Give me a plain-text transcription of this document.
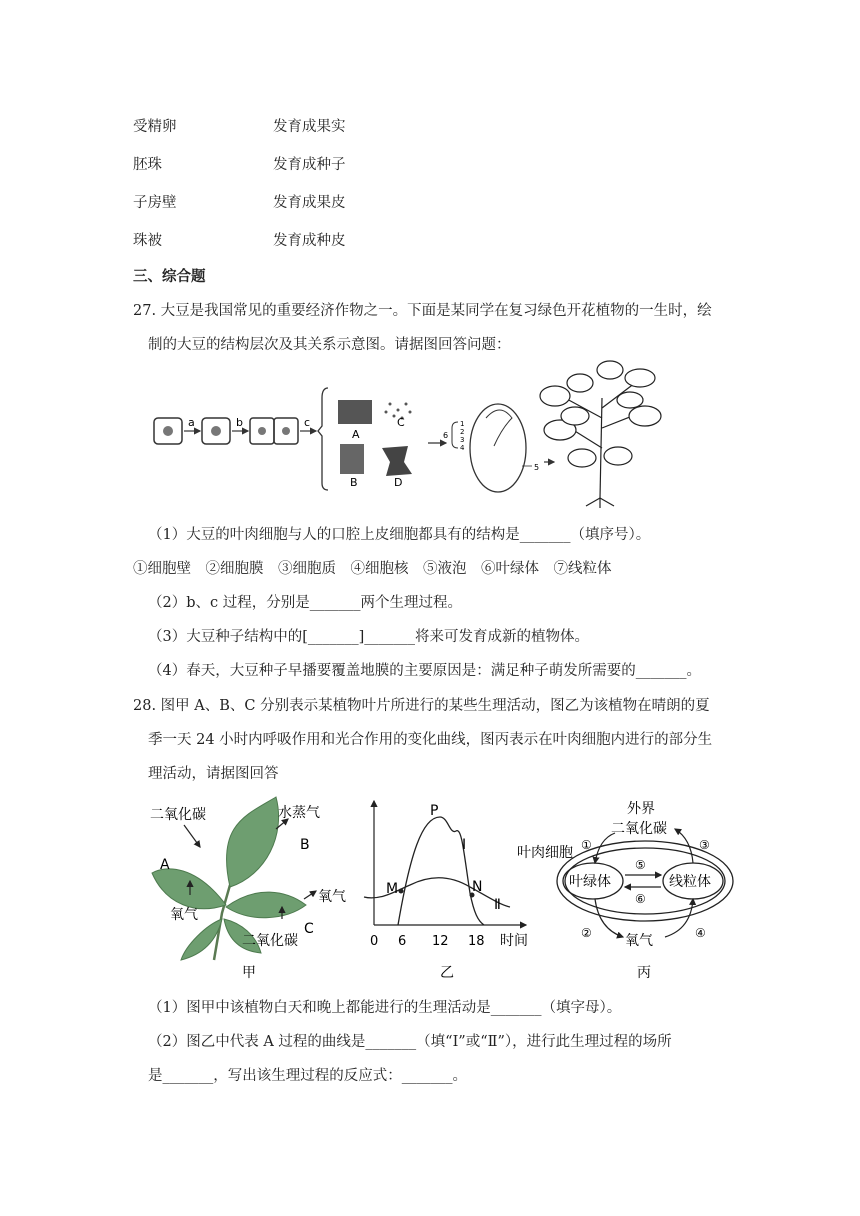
受精卵	发育成果实
胚珠	发育成种子
子房壁	发育成果皮
珠被	发育成种皮
三、综合题
27. 大豆是我国常见的重要经济作物之一。下面是某同学在复习绿色开花植物的一生时，绘
制的大豆的结构层次及其关系示意图。请据图回答问题：
a	b	c
A
C
B	D
6
1
2
3
4
5
（1）大豆的叶肉细胞与人的口腔上皮细胞都具有的结构是_______（填序号）。
①细胞壁　②细胞膜　③细胞质　④细胞核　⑤液泡　⑥叶绿体　⑦线粒体
（2）b、c 过程，分别是_______两个生理过程。
（3）大豆种子结构中的[_______]_______将来可发育成新的植物体。
（4）春天，大豆种子早播要覆盖地膜的主要原因是：满足种子萌发所需要的_______。
28. 图甲 A、B、C 分别表示某植物叶片所进行的某些生理活动，图乙为该植物在晴朗的夏
季一天 24 小时内呼吸作用和光合作用的变化曲线，图丙表示在叶肉细胞内进行的部分生
理活动，请据图回答
二氧化碳	水蒸气
B
A
氧气
氧气
二氧化碳
C
甲
P
I
M	N
Ⅱ
0 6 12 18 时间
乙
叶绿体	线粒体
⑤
⑥
叶肉细胞
外界
二氧化碳
①	③
氧气
②	④
丙
（1）图甲中该植物白天和晚上都能进行的生理活动是_______（填字母）。
（2）图乙中代表 A 过程的曲线是_______（填“Ⅰ”或“Ⅱ”），进行此生理过程的场所
是_______，写出该生理过程的反应式：_______。
